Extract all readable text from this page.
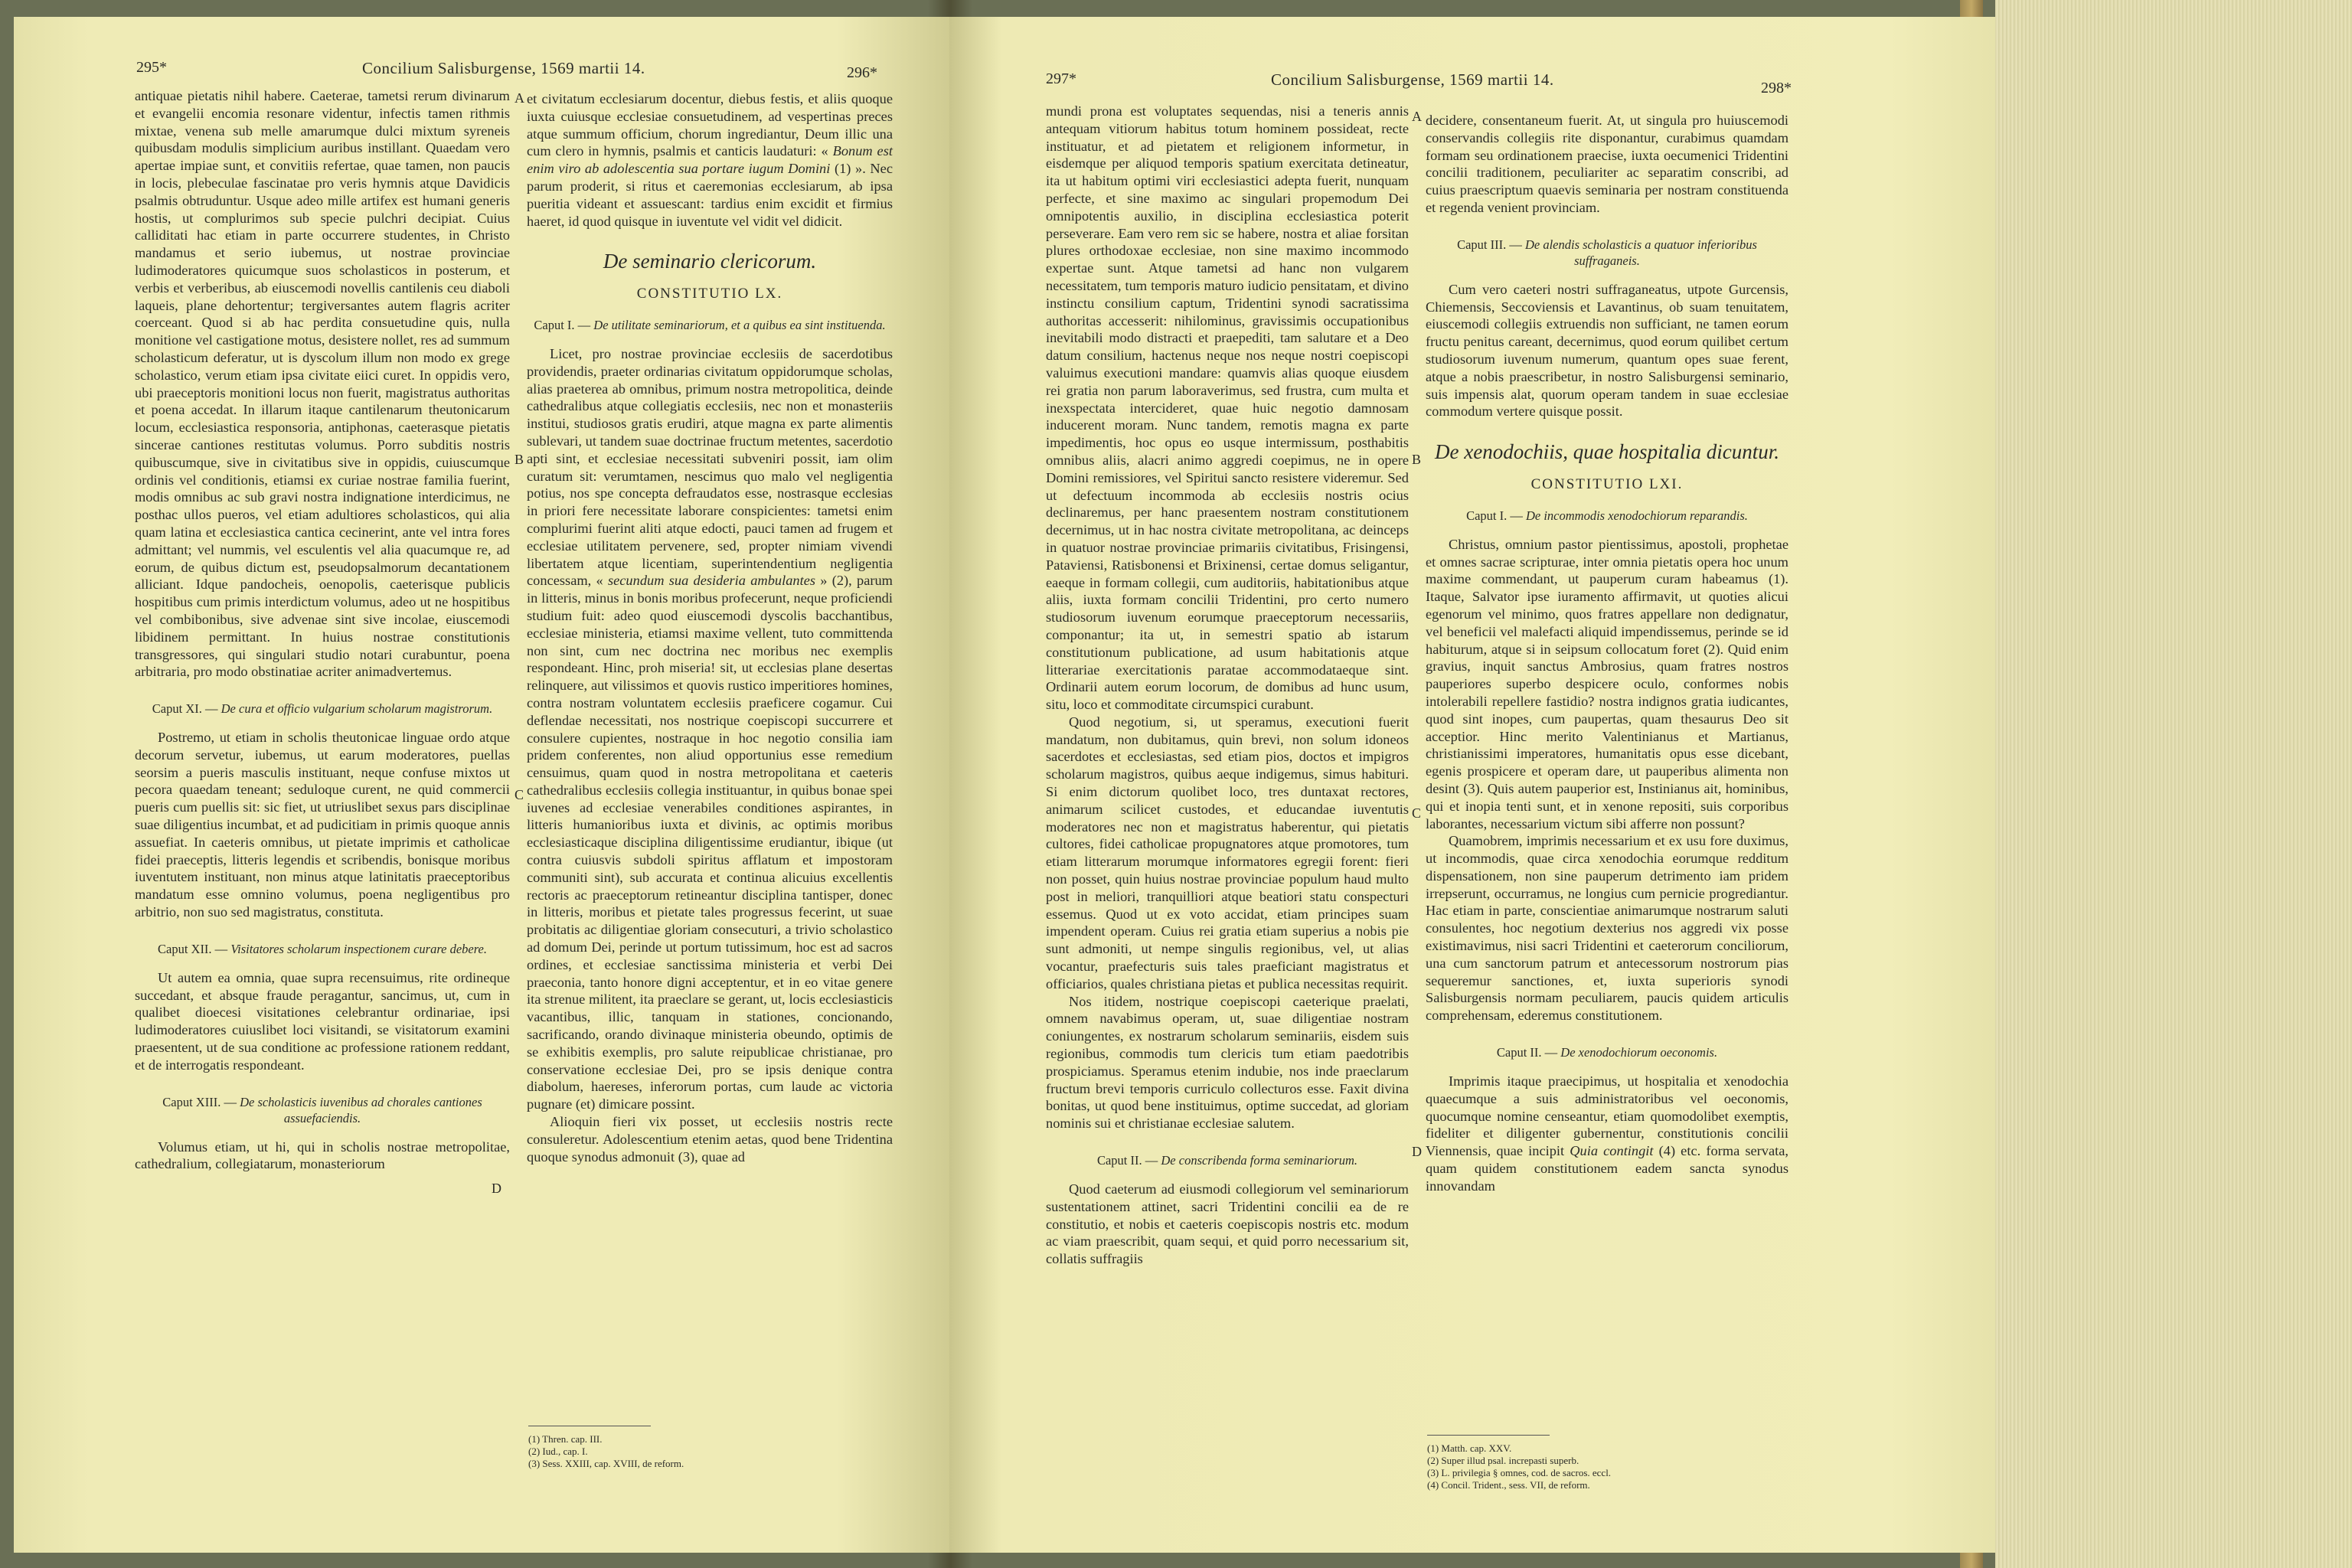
295*	Concilium Salisburgense, 1569 martii 14.	296*

antiquae pietatis nihil habere. Caeterae, tametsi rerum divinarum et evangelii encomia resonare videntur, infectis tamen rithmis mixtae, venena sub melle amarumque dulci mixtum syreneis quibusdam modulis simplicium auribus instillant. Quaedam vero apertae impiae sunt, et convitiis refertae, quae tamen, non paucis in locis, plebeculae fascinatae pro veris hymnis atque Davidicis psalmis obtruduntur. Usque adeo mille artifex est humani generis hostis, ut complurimos sub specie pulchri decipiat. Cuius calliditati hac etiam in parte occurrere studentes, in Christo mandamus et serio iubemus, ut nostrae provinciae ludimoderatores quicumque suos scholasticos in posterum, et verbis et verberibus, ab eiuscemodi novellis cantilenis ceu diaboli laqueis, plane dehortentur; tergiversantes autem flagris acriter coerceant. Quod si ab hac perdita consuetudine quis, nulla monitione vel castigatione motus, desistere nollet, res ad summum scholasticum deferatur, ut is dyscolum illum non modo ex grege scholastico, verum etiam ipsa civitate eiici curet. In oppidis vero, ubi praeceptoris monitioni locus non fuerit, magistratus authoritas et poena accedat. In illarum itaque cantilenarum theutonicarum locum, ecclesiastica responsoria, antiphonas, caeterasque pietatis sincerae cantiones restitutas volumus. Porro subditis nostris quibuscumque, sive in civitatibus sive in oppidis, cuiuscumque ordinis vel conditionis, etiamsi ex curiae nostrae familia fuerint, modis omnibus ac sub gravi nostra indignatione interdicimus, ne posthac ullos pueros, vel etiam adultiores scholasticos, qui alia quam latina et ecclesiastica cantica cecinerint, ante vel intra fores admittant; vel nummis, vel esculentis vel alia quacumque re, ad eorum, de quibus dictum est, pseudopsalmorum decantationem alliciant. Idque pandocheis, oenopolis, caeterisque publicis hospitibus cum primis interdictum volumus, adeo ut ne hospitibus vel combibonibus, sive advenae sint sive incolae, eiuscemodi libidinem permittant. In huius nostrae constitutionis transgressores, qui singulari studio notari curabuntur, poena arbitraria, pro modo obstinatiae acriter animadvertemus.

Caput XI. — De cura et officio vulgarium scholarum magistrorum.

Postremo, ut etiam in scholis theutonicae linguae ordo atque decorum servetur, iubemus, ut earum moderatores, puellas seorsim a pueris masculis instituant, neque confuse mixtos ut pecora quaedam teneant; seduloque curent, ne quid commercii pueris cum puellis sit: sic fiet, ut utriuslibet sexus pars disciplinae suae diligentius incumbat, et ad pudicitiam in primis quoque annis assuefiat. In caeteris omnibus, ut pietate imprimis et catholicae fidei praeceptis, litteris legendis et scribendis, bonisque moribus iuventutem instituant, non minus atque latinitatis praeceptoribus mandatum esse omnino volumus, poena negligentibus pro arbitrio, non suo sed magistratus, constituta.

Caput XII. — Visitatores scholarum inspectionem curare debere.

Ut autem ea omnia, quae supra recensuimus, rite ordineque succedant, et absque fraude peragantur, sancimus, ut, cum in qualibet dioecesi visitationes celebrantur ordinariae, ipsi ludimoderatores cuiuslibet loci visitandi, se visitatorum examini praesentent, ut de sua conditione ac professione rationem reddant, et de interrogatis respondeant.

Caput XIII. — De scholasticis iuvenibus ad chorales cantiones assuefaciendis.

Volumus etiam, ut hi, qui in scholis nostrae metropolitae, cathedralium, collegiatarum, monasteriorum

A
B
C
D

et civitatum ecclesiarum docentur, diebus festis, et aliis quoque iuxta cuiusque ecclesiae consuetudinem, ad vespertinas preces atque summum officium, chorum ingrediantur, Deum illic una cum clero in hymnis, psalmis et canticis laudaturi: « Bonum est enim viro ab adolescentia sua portare iugum Domini (1) ». Nec parum proderit, si ritus et caeremonias ecclesiarum, ab ipsa pueritia videant et assuescant: tardius enim excidit et firmius haeret, id quod quisque in iuventute vel vidit vel didicit.

De seminario clericorum.
CONSTITUTIO LX.
Caput I. — De utilitate seminariorum, et a quibus ea sint instituenda.

Licet, pro nostrae provinciae ecclesiis de sacerdotibus providendis, praeter ordinarias civitatum oppidorumque scholas, alias praeterea ab omnibus, primum nostra metropolitica, deinde cathedralibus atque collegiatis ecclesiis, nec non et monasteriis institui, studiosos gratis erudiri, atque magna ex parte alimentis sublevari, ut tandem suae doctrinae fructum metentes, sacerdotio apti sint, et ecclesiae necessitati subveniri possit, iam olim curatum sit: verumtamen, nescimus quo malo vel negligentia potius, nos spe concepta defraudatos esse, nostrasque ecclesias in priori fere necessitate laborare conspicientes: tametsi enim complurimi fuerint aliti atque edocti, pauci tamen ad frugem et ecclesiae utilitatem pervenere, sed, propter nimiam vivendi libertatem atque licentiam, superintendentium negligentia concessam, « secundum sua desideria ambulantes » (2), parum in litteris, minus in bonis moribus profecerunt, neque proficiendi studium fuit: adeo quod eiuscemodi dyscolis bacchantibus, ecclesiae ministeria, etiamsi maxime vellent, tuto committenda non sint, cum nec doctrina nec moribus nec exemplis respondeant. Hinc, proh miseria! sit, ut ecclesias plane desertas relinquere, aut vilissimos et quovis rustico imperitiores homines, contra nostram voluntatem ecclesiis praeficere cogamur. Cui deflendae necessitati, nos nostrique coepiscopi succurrere et consulere cupientes, nostraque in hoc negotio consilia iam pridem conferentes, non aliud opportunius esse remedium censuimus, quam quod in nostra metropolitana et caeteris cathedralibus ecclesiis collegia instituantur, in quibus bonae spei iuvenes ad ecclesiae venerabiles conditiones aspirantes, in litteris humanioribus iuxta et divinis, ac optimis moribus ecclesiasticaque disciplina diligentissime erudiantur, ibique (ut contra cuiusvis subdoli spiritus afflatum et impostoram communiti sint), sub accurata et continua alicuius excellentis rectoris ac praeceptorum retineantur disciplina tantisper, donec in litteris, moribus et pietate tales progressus fecerint, ut suae probitatis ac diligentiae gloriam consecuturi, a trivio scholastico ad domum Dei, perinde ut portum tutissimum, hoc est ad sacros ordines, et ecclesiae sanctissima ministeria et verbi Dei praeconia, tanto honore digni acceptentur, et in eo vitae genere ita strenue militent, ita praeclare se gerant, ut, locis ecclesiasticis vacantibus, illic, tanquam in stationes, concionando, sacrificando, orando divinaque ministeria obeundo, optimis de se exhibitis exemplis, pro salute reipublicae christianae, pro conservatione ecclesiae Dei, pro se ipsis denique contra diabolum, haereses, inferorum portas, cum laude ac victoria pugnare (et) dimicare possint.

Alioquin fieri vix posset, ut ecclesiis nostris recte consuleretur. Adolescentium etenim aetas, quod bene Tridentina quoque synodus admonuit (3), quae ad

(1) Thren. cap. III.
(2) Iud., cap. I.
(3) Sess. XXIII, cap. XVIII, de reform.
297*	Concilium Salisburgense, 1569 martii 14.	298*

mundi prona est voluptates sequendas, nisi a teneris annis antequam vitiorum habitus totum hominem possideat, recte instituatur, et ad pietatem et religionem informetur, in eisdemque per aliquod temporis spatium exercitata detineatur, ita ut habitum optimi viri ecclesiastici adepta fuerit, nunquam perfecte, et sine maximo ac singulari propemodum Dei omnipotentis auxilio, in disciplina ecclesiastica poterit perseverare. Eam vero rem sic se habere, nostra et aliae forsitan plures orthodoxae ecclesiae, non sine maximo incommodo expertae sunt. Atque tametsi ad hanc non vulgarem necessitatem, tum temporis maturo iudicio pensitatam, et divino instinctu consilium captum, Tridentini synodi sacratissima authoritas accesserit: nihilominus, gravissimis occupationibus inevitabili modo distracti et praepediti, tam salutare et a Deo datum consilium, hactenus neque nos neque nostri coepiscopi valuimus executioni mandare: quamvis alias quoque eiusdem rei gratia non parum laboraverimus, sed frustra, cum multa et inexspectata intercideret, quae huic negotio damnosam inducerent moram. Nunc tandem, remotis magna ex parte impedimentis, hoc opus eo usque intermissum, posthabitis omnibus aliis, alacri animo aggredi coepimus, ne in opere Domini remissiores, vel Spiritui sancto resistere videremur. Sed ut defectuum incommoda ab ecclesiis nostris ocius declinaremus, per hanc praesentem nostram constitutionem decernimus, ut in hac nostra civitate metropolitana, ac deinceps in quatuor nostrae provinciae primariis civitatibus, Frisingensi, Pataviensi, Ratisbonensi et Brixinensi, certae domus seligantur, eaeque in formam collegii, cum auditoriis, habitationibus atque aliis, iuxta formam concilii Tridentini, pro certo numero studiosorum iuvenum eorumque praeceptorum necessariis, componantur; ita ut, in semestri spatio ab istarum constitutionum publicatione, ad usum habitationis atque litterariae exercitationis paratae accommodataeque sint. Ordinarii autem eorum locorum, de domibus ad hunc usum, situ, loco et commoditate circumspici curabunt.

Quod negotium, si, ut speramus, executioni fuerit mandatum, non dubitamus, quin brevi, non solum idoneos sacerdotes et ecclesiastas, sed etiam pios, doctos et impigros scholarum magistros, quibus aeque indigemus, simus habituri. Si enim dictorum quolibet loco, tres duntaxat rectores, animarum scilicet custodes, et educandae iuventutis moderatores nec non et magistratus haberentur, qui pietatis cultores, fidei catholicae propugnatores atque promotores, tum etiam litterarum morumque informatores egregii forent: fieri non posset, quin huius nostrae provinciae populum haud multo post in meliori, tranquilliori atque beatiori statu conspecturi essemus. Quod ut ex voto accidat, etiam principes suam impendent operam. Cuius rei gratia etiam superius a nobis pie sunt admoniti, ut nempe singulis regionibus, vel, ut alias vocantur, praefecturis suis tales praeficiant magistratus et officiarios, quales christiana pietas et publica necessitas requirit.

Nos itidem, nostrique coepiscopi caeterique praelati, omnem navabimus operam, ut, suae diligentiae nostram coniungentes, ex nostrarum scholarum seminariis, eisdem suis regionibus, commodis tum clericis tum etiam paedotribis prospiciamus. Speramus etenim indubie, nos inde praeclarum fructum brevi temporis curriculo collecturos esse. Faxit divina bonitas, ut quod bene instituimus, optime succedat, ad gloriam nominis sui et christianae ecclesiae salutem.

Caput II. — De conscribenda forma seminariorum.

Quod caeterum ad eiusmodi collegiorum vel seminariorum sustentationem attinet, sacri Tridentini concilii ea de re constitutio, et nobis et caeteris coepiscopis nostris etc. modum ac viam praescribit, quam sequi, et quid porro necessarium sit, collatis suffragiis

A
B
C
D

decidere, consentaneum fuerit. At, ut singula pro huiuscemodi conservandis collegiis rite disponantur, curabimus quamdam formam seu ordinationem praecise, iuxta oecumenici Tridentini concilii traditionem, peculiariter ac separatim conscribi, ad cuius praescriptum quaevis seminaria per nostram constituenda et regenda venient provinciam.

Caput III. — De alendis scholasticis a quatuor inferioribus suffraganeis.

Cum vero caeteri nostri suffraganeatus, utpote Gurcensis, Chiemensis, Seccoviensis et Lavantinus, ob suam tenuitatem, eiuscemodi collegiis extruendis non sufficiant, ne tamen eorum fructu penitus careant, decernimus, quod eorum quilibet certum studiosorum iuvenum numerum, quantum opes suae ferent, atque a nobis praescribetur, in nostro Salisburgensi seminario, suis impensis alat, quorum operam tandem in suae ecclesiae commodum vertere quisque possit.

De xenodochiis, quae hospitalia dicuntur.
CONSTITUTIO LXI.
Caput I. — De incommodis xenodochiorum reparandis.

Christus, omnium pastor pientissimus, apostoli, prophetae et omnes sacrae scripturae, inter omnia pietatis opera hoc unum maxime commendant, ut pauperum curam habeamus (1). Itaque, Salvator ipse iuramento affirmavit, ut quoties alicui egenorum vel minimo, quos fratres appellare non dedignatur, vel beneficii vel malefacti aliquid impendissemus, perinde se id habiturum, atque si in seipsum collocatum foret (2). Quid enim gravius, inquit sanctus Ambrosius, quam fratres nostros pauperiores superbo despicere oculo, conformes nobis intolerabili repellere fastidio? nostra indignos gratia iudicantes, quod sint inopes, cum paupertas, quam thesaurus Deo sit acceptior. Hinc merito Valentinianus et Martianus, christianissimi imperatores, humanitatis opus esse dicebant, egenis prospicere et operam dare, ut pauperibus alimenta non desint (3). Quis autem pauperior est, Instinianus ait, hominibus, qui et inopia tenti sunt, et in xenone repositi, suis corporibus laborantes, necessarium victum sibi afferre non possunt?

Quamobrem, imprimis necessarium et ex usu fore duximus, ut incommodis, quae circa xenodochia eorumque redditum dispensationem, non sine pauperum detrimento iam pridem irrepserunt, occurramus, ne longius cum pernicie progrediantur. Hac etiam in parte, conscientiae animarumque nostrarum saluti consulentes, hoc negotium dexterius nos aggredi vix posse existimavimus, nisi sacri Tridentini et caeterorum conciliorum, una cum sanctorum patrum et antecessorum nostrorum pias sequeremur sanctiones, et, iuxta superioris synodi Salisburgensis normam peculiarem, paucis quidem articulis comprehensam, ederemus constitutionem.

Caput II. — De xenodochiorum oeconomis.

Imprimis itaque praecipimus, ut hospitalia et xenodochia quaecumque a suis administratoribus vel oeconomis, quocumque nomine censeantur, etiam quomodolibet exemptis, fideliter et diligenter gubernentur, constitutionis concilii Viennensis, quae incipit Quia contingit (4) etc. forma servata, quam quidem constitutionem eadem sancta synodus innovandam

(1) Matth. cap. XXV.
(2) Super illud psal. increpasti superb.
(3) L. privilegia § omnes, cod. de sacros. eccl.
(4) Concil. Trident., sess. VII, de reform.
